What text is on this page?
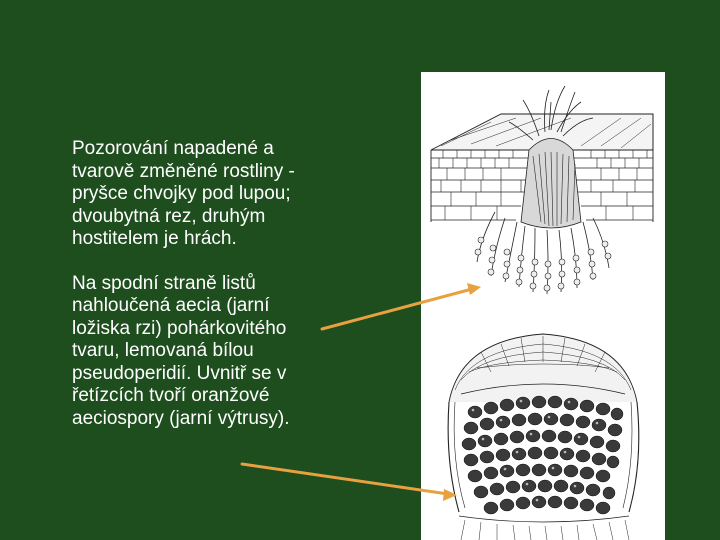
Pozorování napadené a
tvarově změněné rostliny -
pryšce chvojky pod lupou;
dvoubytná rez, druhým
hostitelem je hrách.

Na spodní straně listů
nahloučená aecia (jarní
ložiska rzi) pohárkovitého
tvaru, lemovaná bílou
pseudoperidií. Uvnitř se v
řetízcích tvoří oranžové
aeciospory (jarní výtrusy).
